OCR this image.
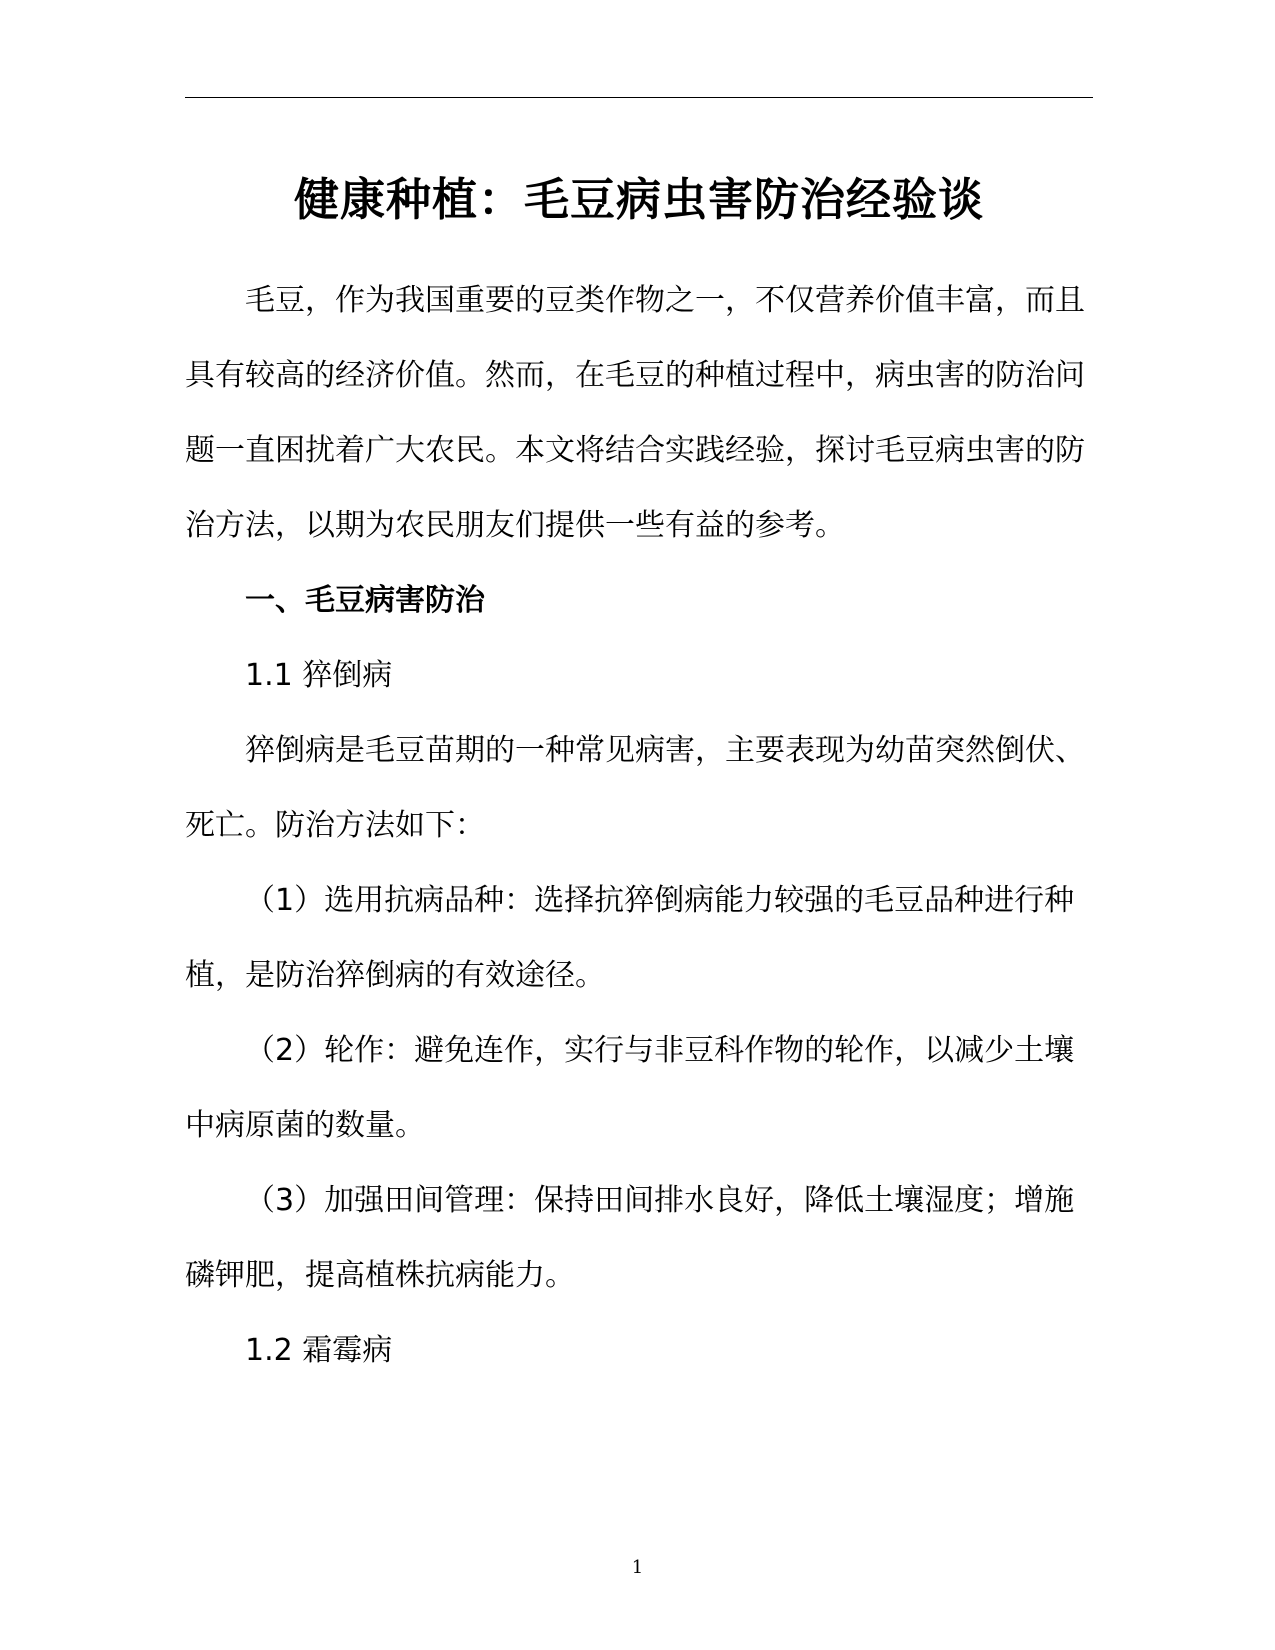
健康种植：毛豆病虫害防治经验谈

毛豆，作为我国重要的豆类作物之一，不仅营养价值丰富，而且具有较高的经济价值。然而，在毛豆的种植过程中，病虫害的防治问题一直困扰着广大农民。本文将结合实践经验，探讨毛豆病虫害的防治方法，以期为农民朋友们提供一些有益的参考。

一、毛豆病害防治

1.1 猝倒病

猝倒病是毛豆苗期的一种常见病害，主要表现为幼苗突然倒伏、死亡。防治方法如下：

（1）选用抗病品种：选择抗猝倒病能力较强的毛豆品种进行种植，是防治猝倒病的有效途径。

（2）轮作：避免连作，实行与非豆科作物的轮作，以减少土壤中病原菌的数量。

（3）加强田间管理：保持田间排水良好，降低土壤湿度；增施磷钾肥，提高植株抗病能力。

1.2 霜霉病

1
